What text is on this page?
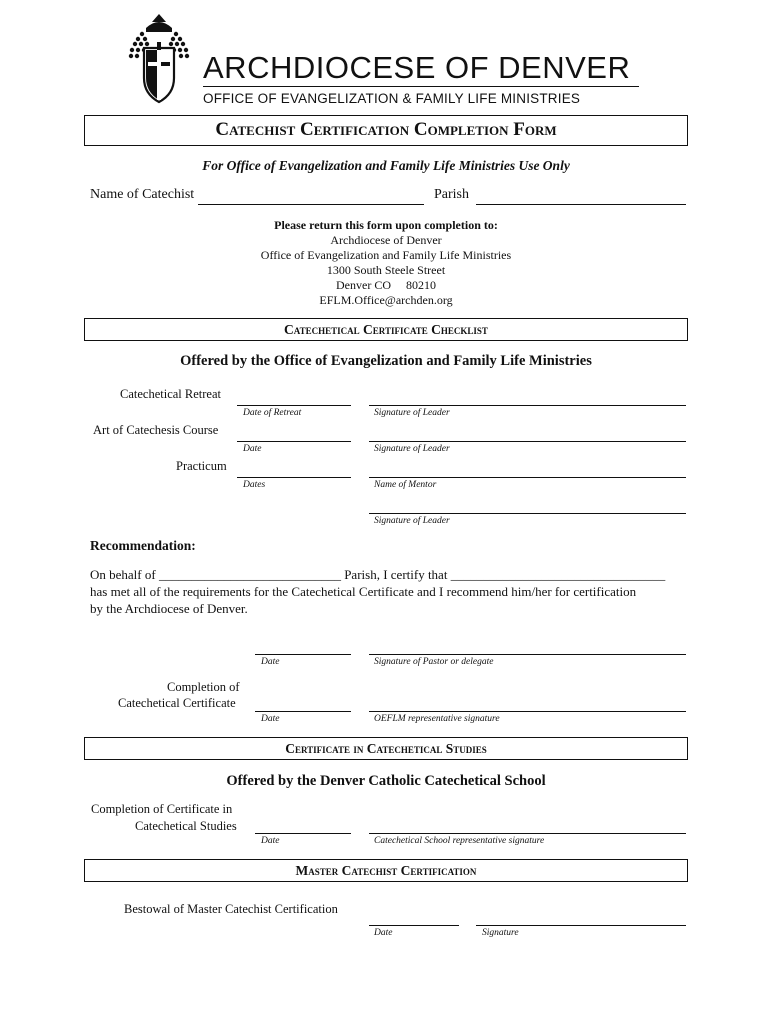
ARCHDIOCESE OF DENVER
OFFICE OF EVANGELIZATION & FAMILY LIFE MINISTRIES
Catechist Certification Completion Form
For Office of Evangelization and Family Life Ministries Use Only
Name of Catechist	Parish
Please return this form upon completion to:
Archdiocese of Denver
Office of Evangelization and Family Life Ministries
1300 South Steele Street
Denver CO     80210
EFLM.Office@archden.org
Catechetical Certificate Checklist
Offered by the Office of Evangelization and Family Life Ministries
Catechetical Retreat
Date of Retreat	Signature of Leader
Art of Catechesis Course
Date	Signature of Leader
Practicum
Dates	Name of Mentor
Signature of Leader
Recommendation:
On behalf of ____________________________ Parish, I certify that _________________________________
has met all of the requirements for the Catechetical Certificate and I recommend him/her for certification
by the Archdiocese of Denver.
Date	Signature of Pastor or delegate
Completion of
Catechetical Certificate
Date	OEFLM representative signature
Certificate in Catechetical Studies
Offered by the Denver Catholic Catechetical School
Completion of Certificate in
Catechetical Studies
Date	Catechetical School representative signature
Master Catechist Certification
Bestowal of Master Catechist Certification
Date	Signature
